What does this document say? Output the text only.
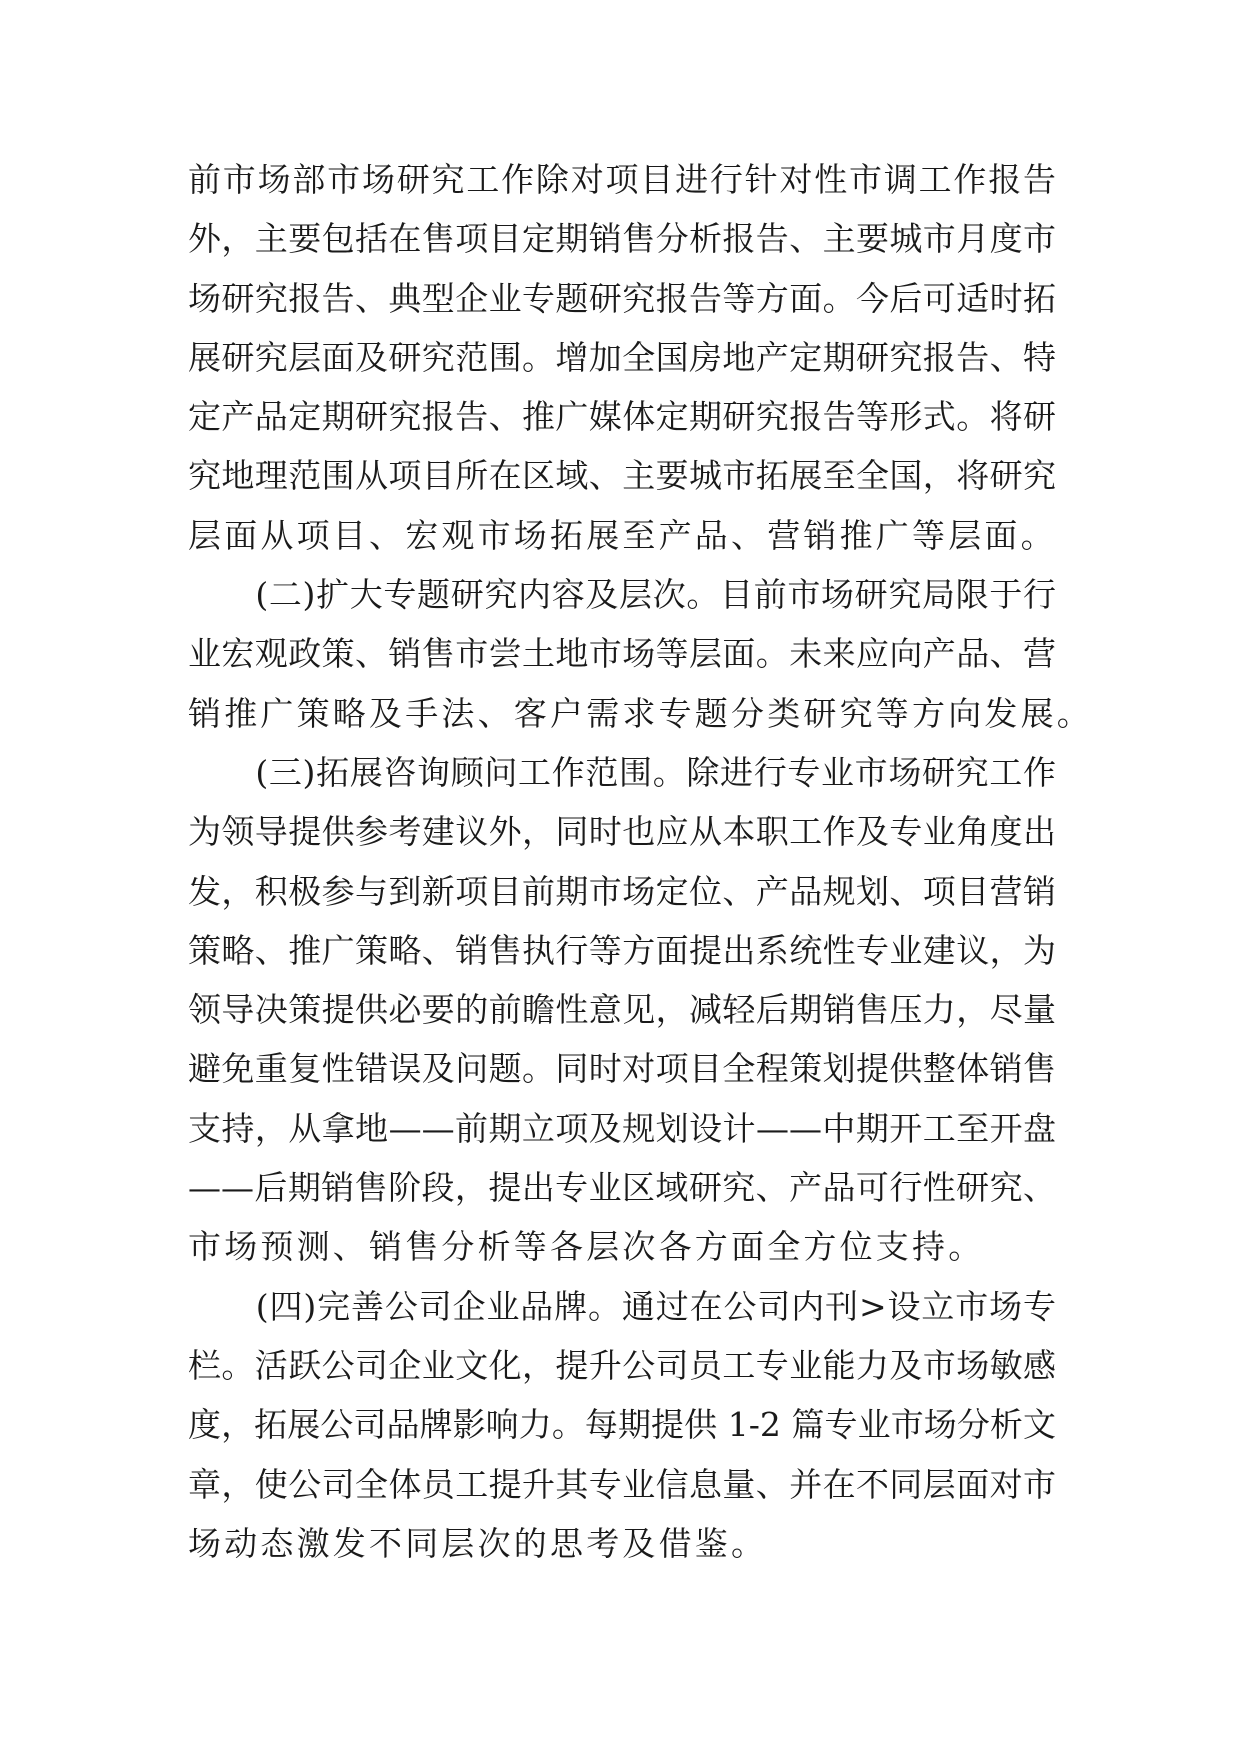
前市场部市场研究工作除对项目进行针对性市调工作报告
外，主要包括在售项目定期销售分析报告、主要城市月度市
场研究报告、典型企业专题研究报告等方面。今后可适时拓
展研究层面及研究范围。增加全国房地产定期研究报告、特
定产品定期研究报告、推广媒体定期研究报告等形式。将研
究地理范围从项目所在区域、主要城市拓展至全国，将研究
层面从项目、宏观市场拓展至产品、营销推广等层面。
　　(二)扩大专题研究内容及层次。目前市场研究局限于行
业宏观政策、销售市尝土地市场等层面。未来应向产品、营
销推广策略及手法、客户需求专题分类研究等方向发展。
　　(三)拓展咨询顾问工作范围。除进行专业市场研究工作
为领导提供参考建议外，同时也应从本职工作及专业角度出
发，积极参与到新项目前期市场定位、产品规划、项目营销
策略、推广策略、销售执行等方面提出系统性专业建议，为
领导决策提供必要的前瞻性意见，减轻后期销售压力，尽量
避免重复性错误及问题。同时对项目全程策划提供整体销售
支持，从拿地——前期立项及规划设计——中期开工至开盘
——后期销售阶段，提出专业区域研究、产品可行性研究、
市场预测、销售分析等各层次各方面全方位支持。
　　(四)完善公司企业品牌。通过在公司内刊>设立市场专
栏。活跃公司企业文化，提升公司员工专业能力及市场敏感
度，拓展公司品牌影响力。每期提供 1-2 篇专业市场分析文
章，使公司全体员工提升其专业信息量、并在不同层面对市
场动态激发不同层次的思考及借鉴。
